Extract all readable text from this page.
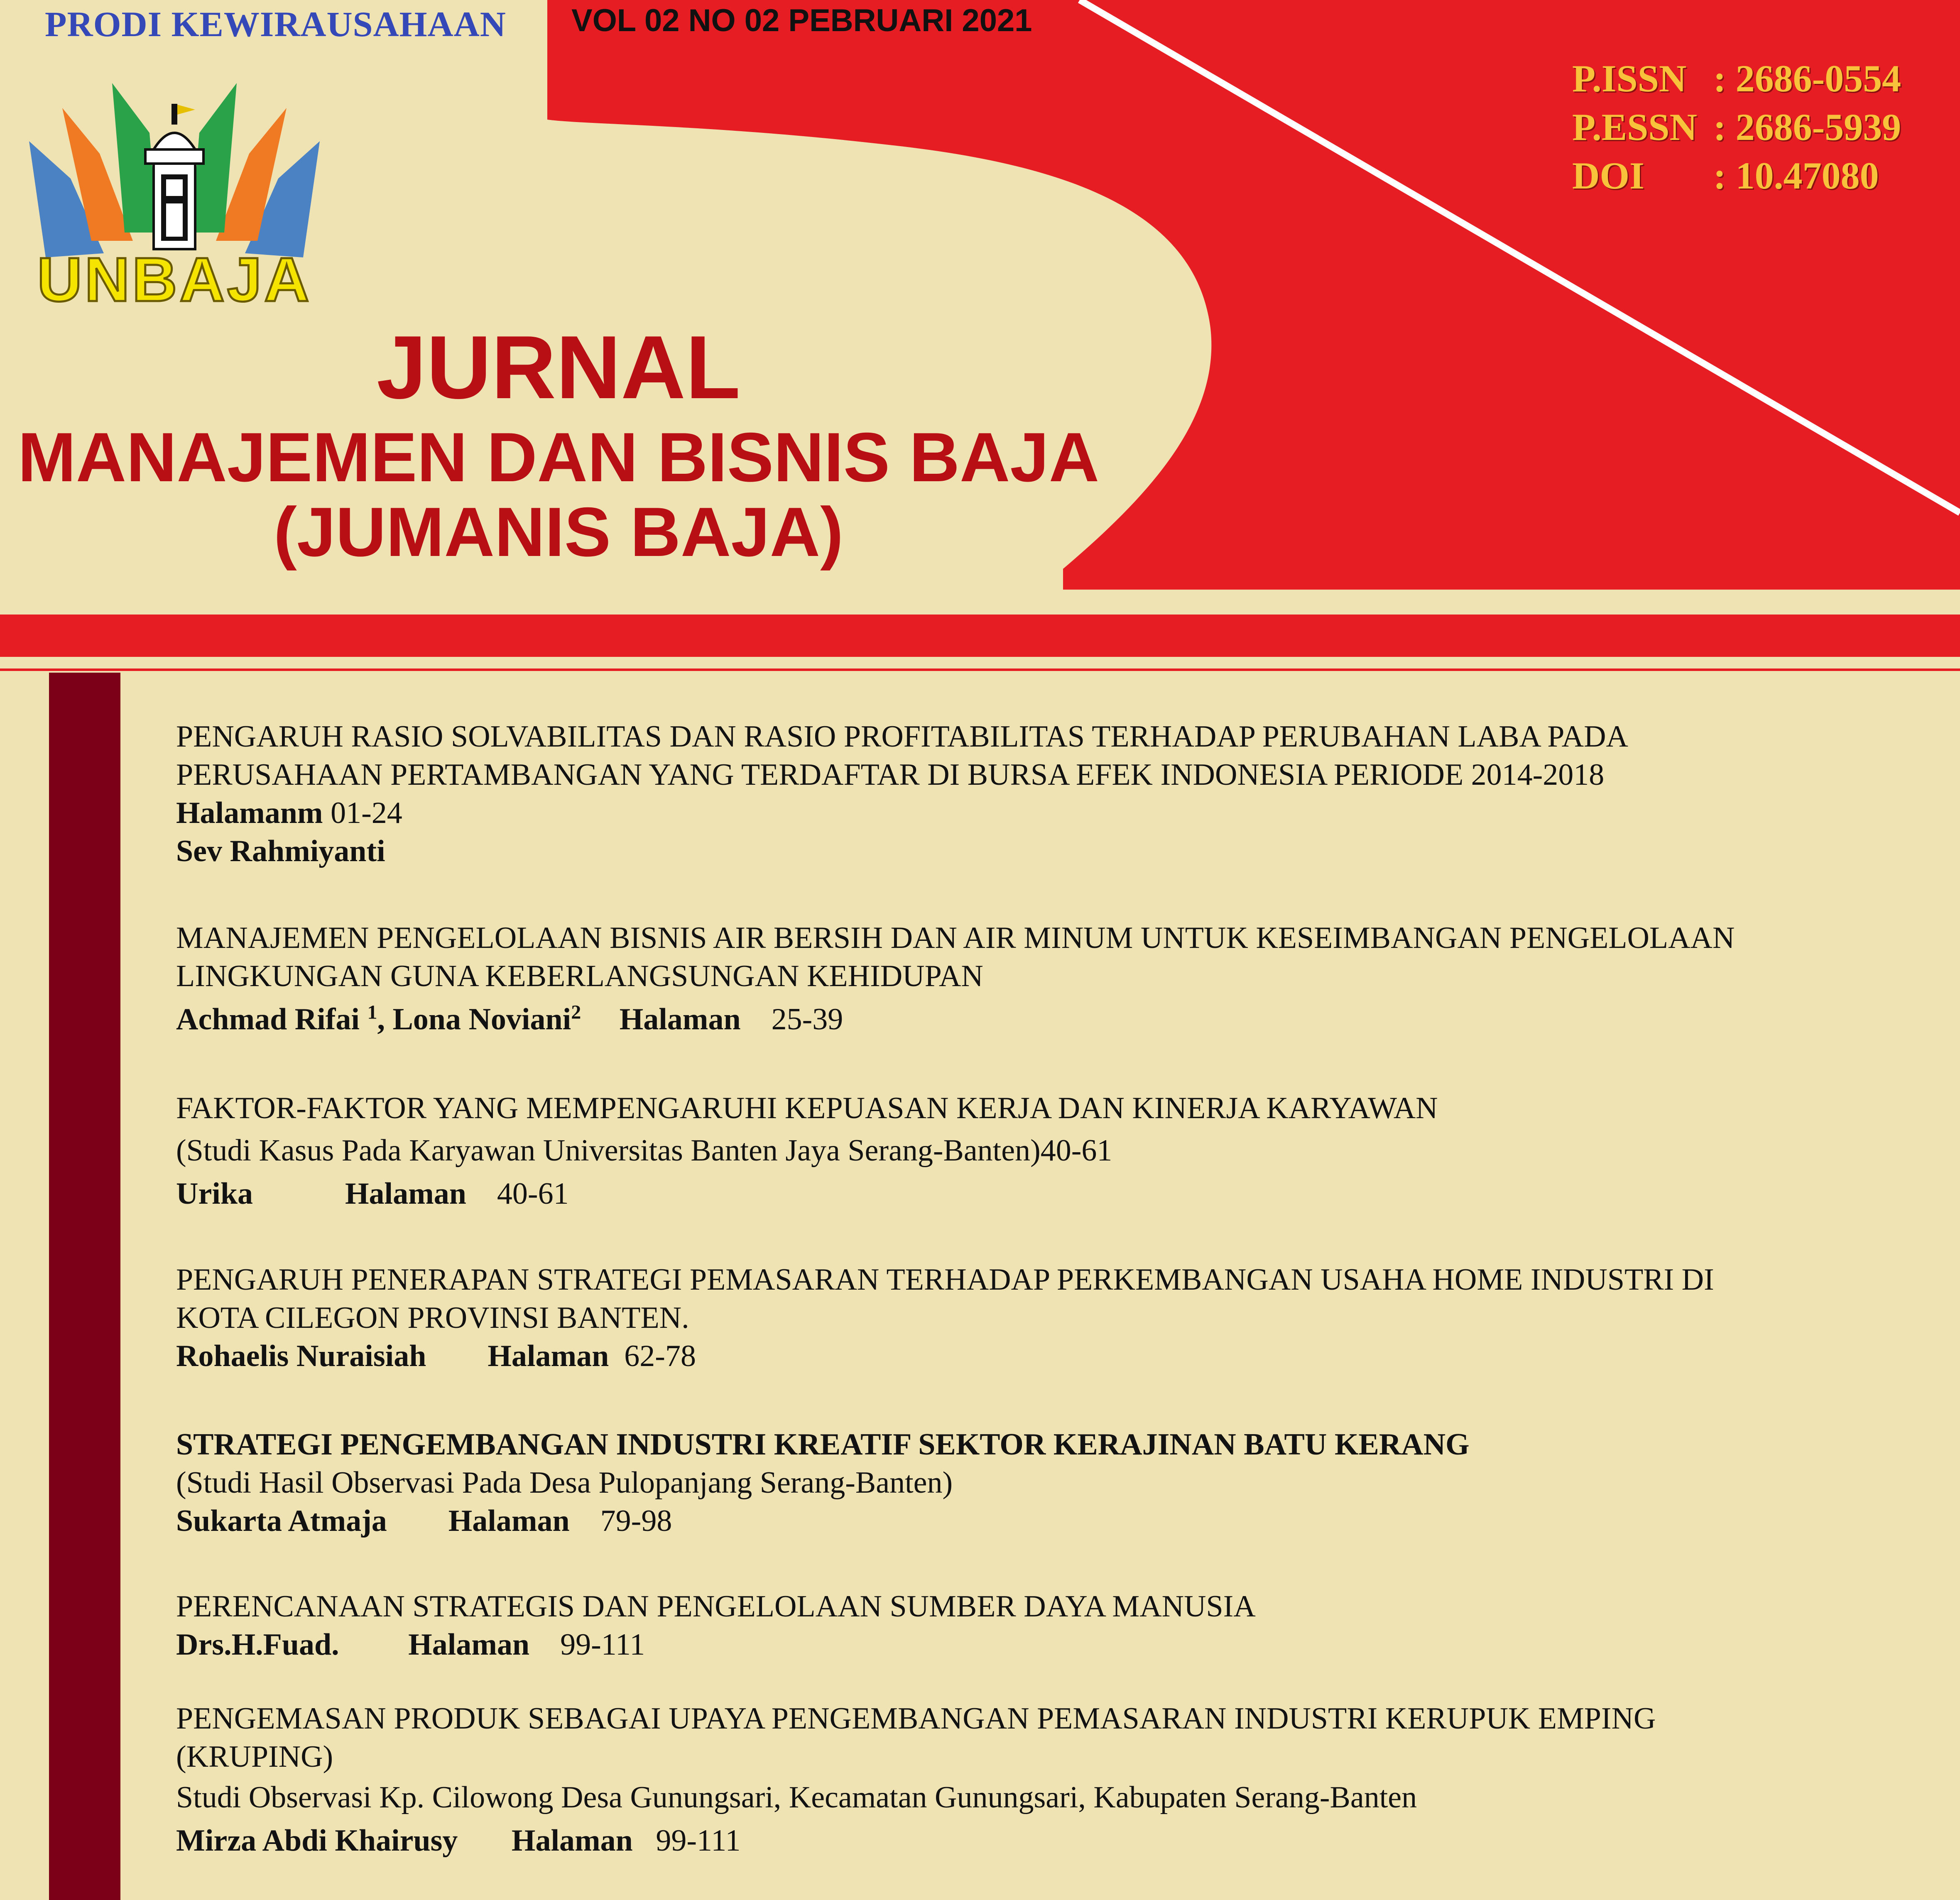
PRODI KEWIRAUSAHAAN VOL 02 NO 02 PEBRUARI 2021
P.ISSN : 2686-0554
P.ESSN : 2686-5939
DOI : 10.47080
UNBAJA
JURNAL
MANAJEMEN DAN BISNIS BAJA
(JUMANIS BAJA)
PENGARUH RASIO SOLVABILITAS DAN RASIO PROFITABILITAS TERHADAP PERUBAHAN LABA PADA
PERUSAHAAN PERTAMBANGAN YANG TERDAFTAR DI BURSA EFEK INDONESIA PERIODE 2014-2018
Halamanm 01-24
Sev Rahmiyanti
MANAJEMEN PENGELOLAAN BISNIS AIR BERSIH DAN AIR MINUM UNTUK KESEIMBANGAN PENGELOLAAN
LINGKUNGAN GUNA KEBERLANGSUNGAN KEHIDUPAN
Achmad Rifai $^1$, Lona Noviani$^2$ Halaman 25-39
FAKTOR-FAKTOR YANG MEMPENGARUHI KEPUASAN KERJA DAN KINERJA KARYAWAN
(Studi Kasus Pada Karyawan Universitas Banten Jaya Serang-Banten)40-61
Urika	Halaman 40-61
PENGARUH PENERAPAN STRATEGI PEMASARAN TERHADAP PERKEMBANGAN USAHA HOME INDUSTRI DI
KOTA CILEGON PROVINSI BANTEN.
Rohaelis Nuraisiah Halaman 62-78
STRATEGI PENGEMBANGAN INDUSTRI KREATIF SEKTOR KERAJINAN BATU KERANG
(Studi Hasil Observasi Pada Desa Pulopanjang Serang-Banten)
Sukarta Atmaja Halaman 79-98
PERENCANAAN STRATEGIS DAN PENGELOLAAN SUMBER DAYA MANUSIA
Drs.H.Fuad. Halaman 99-111
PENGEMASAN PRODUK SEBAGAI UPAYA PENGEMBANGAN PEMASARAN INDUSTRI KERUPUK EMPING
(KRUPING)
Studi Observasi Kp. Cilowong Desa Gunungsari, Kecamatan Gunungsari, Kabupaten Serang-Banten
Mirza Abdi Khairusy Halaman 99-111
